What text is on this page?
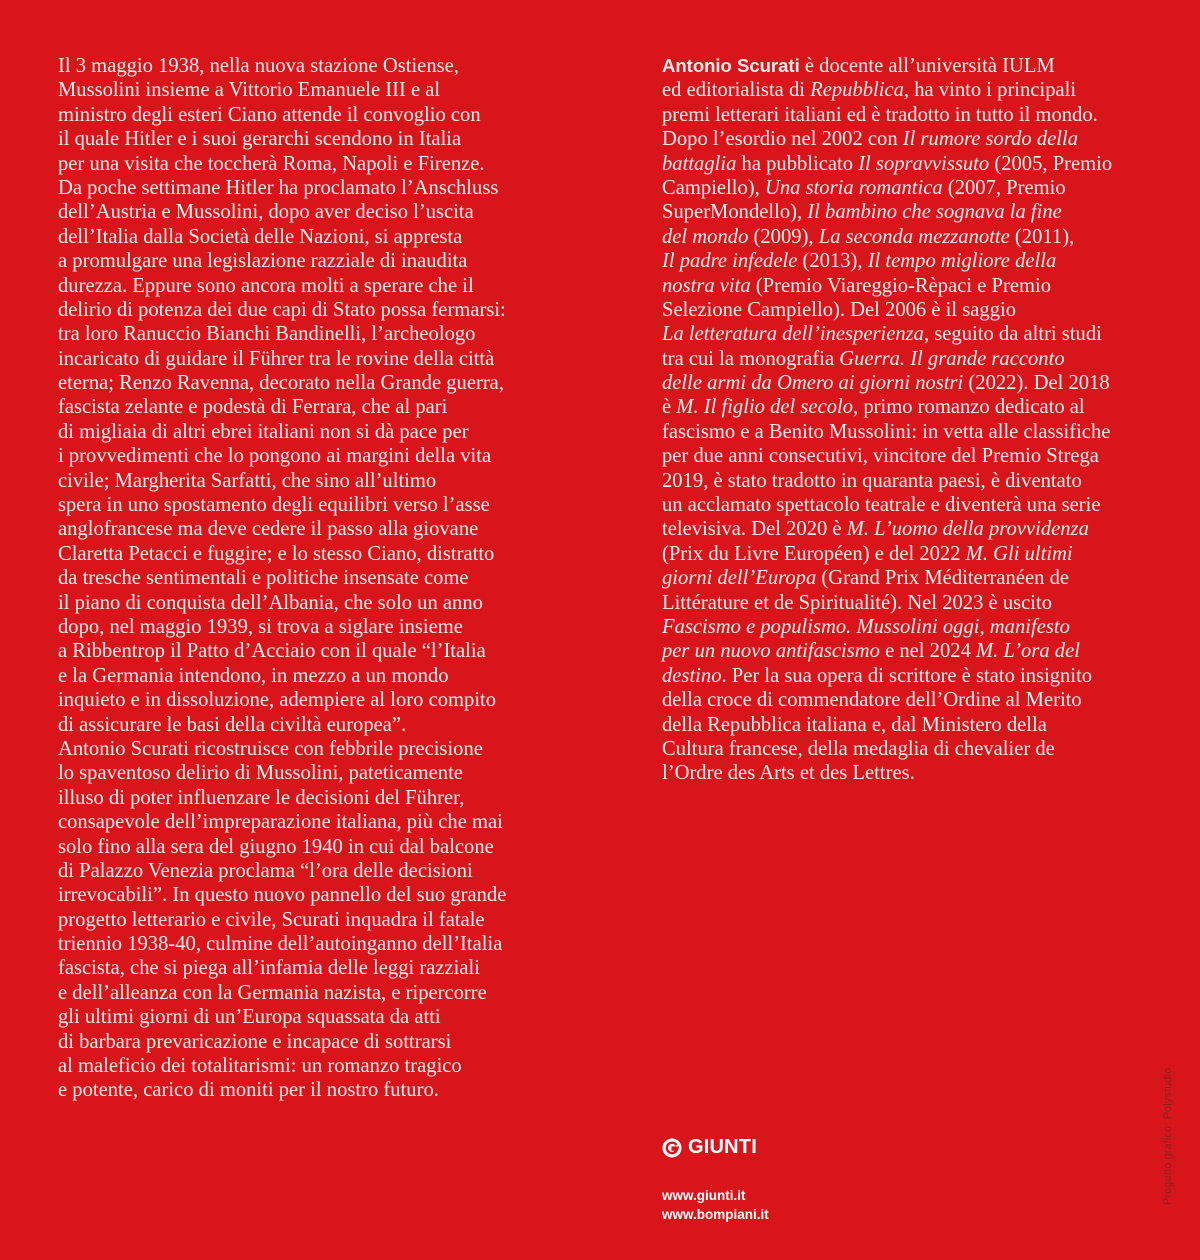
Il 3 maggio 1938, nella nuova stazione Ostiense,
Mussolini insieme a Vittorio Emanuele III e al
ministro degli esteri Ciano attende il convoglio con
il quale Hitler e i suoi gerarchi scendono in Italia
per una visita che toccherà Roma, Napoli e Firenze.
Da poche settimane Hitler ha proclamato l’Anschluss
dell’Austria e Mussolini, dopo aver deciso l’uscita
dell’Italia dalla Società delle Nazioni, si appresta
a promulgare una legislazione razziale di inaudita
durezza. Eppure sono ancora molti a sperare che il
delirio di potenza dei due capi di Stato possa fermarsi:
tra loro Ranuccio Bianchi Bandinelli, l’archeologo
incaricato di guidare il Führer tra le rovine della città
eterna; Renzo Ravenna, decorato nella Grande guerra,
fascista zelante e podestà di Ferrara, che al pari
di migliaia di altri ebrei italiani non si dà pace per
i provvedimenti che lo pongono ai margini della vita
civile; Margherita Sarfatti, che sino all’ultimo
spera in uno spostamento degli equilibri verso l’asse
anglofrancese ma deve cedere il passo alla giovane
Claretta Petacci e fuggire; e lo stesso Ciano, distratto
da tresche sentimentali e politiche insensate come
il piano di conquista dell’Albania, che solo un anno
dopo, nel maggio 1939, si trova a siglare insieme
a Ribbentrop il Patto d’Acciaio con il quale “l’Italia
e la Germania intendono, in mezzo a un mondo
inquieto e in dissoluzione, adempiere al loro compito
di assicurare le basi della civiltà europea”.
Antonio Scurati ricostruisce con febbrile precisione
lo spaventoso delirio di Mussolini, pateticamente
illuso di poter influenzare le decisioni del Führer,
consapevole dell’impreparazione italiana, più che mai
solo fino alla sera del giugno 1940 in cui dal balcone
di Palazzo Venezia proclama “l’ora delle decisioni
irrevocabili”. In questo nuovo pannello del suo grande
progetto letterario e civile, Scurati inquadra il fatale
triennio 1938-40, culmine dell’autoinganno dell’Italia
fascista, che si piega all’infamia delle leggi razziali
e dell’alleanza con la Germania nazista, e ripercorre
gli ultimi giorni di un’Europa squassata da atti
di barbara prevaricazione e incapace di sottrarsi
al maleficio dei totalitarismi: un romanzo tragico
e potente, carico di moniti per il nostro futuro.
Antonio Scurati è docente all’università IULM
ed editorialista di Repubblica, ha vinto i principali
premi letterari italiani ed è tradotto in tutto il mondo.
Dopo l’esordio nel 2002 con Il rumore sordo della
battaglia ha pubblicato Il sopravvissuto (2005, Premio
Campiello), Una storia romantica (2007, Premio
SuperMondello), Il bambino che sognava la fine
del mondo (2009), La seconda mezzanotte (2011),
Il padre infedele (2013), Il tempo migliore della
nostra vita (Premio Viareggio-Rèpaci e Premio
Selezione Campiello). Del 2006 è il saggio
La letteratura dell’inesperienza, seguito da altri studi
tra cui la monografia Guerra. Il grande racconto
delle armi da Omero ai giorni nostri (2022). Del 2018
è M. Il figlio del secolo, primo romanzo dedicato al
fascismo e a Benito Mussolini: in vetta alle classifiche
per due anni consecutivi, vincitore del Premio Strega
2019, è stato tradotto in quaranta paesi, è diventato
un acclamato spettacolo teatrale e diventerà una serie
televisiva. Del 2020 è M. L’uomo della provvidenza
(Prix du Livre Européen) e del 2022 M. Gli ultimi
giorni dell’Europa (Grand Prix Méditerranéen de
Littérature et de Spiritualité). Nel 2023 è uscito
Fascismo e populismo. Mussolini oggi, manifesto
per un nuovo antifascismo e nel 2024 M. L’ora del
destino. Per la sua opera di scrittore è stato insignito
della croce di commendatore dell’Ordine al Merito
della Repubblica italiana e, dal Ministero della
Cultura francese, della medaglia di chevalier de
l’Ordre des Arts et des Lettres.
GIUNTI
www.giunti.it
www.bompiani.it
Progetto grafico: Polystudio.
